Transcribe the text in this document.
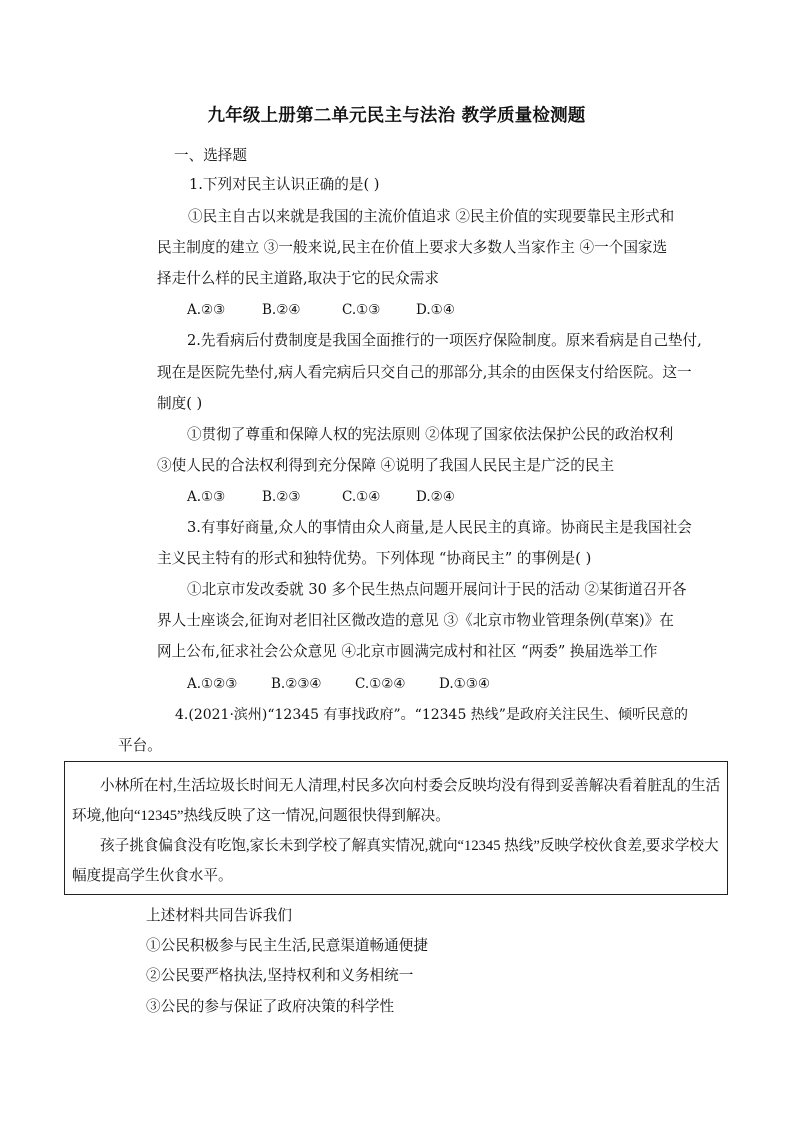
九年级上册第二单元民主与法治 教学质量检测题
一、选择题
1.下列对民主认识正确的是( )
①民主自古以来就是我国的主流价值追求 ②民主价值的实现要靠民主形式和
民主制度的建立 ③一般来说,民主在价值上要求大多数人当家作主 ④一个国家选
择走什么样的民主道路,取决于它的民众需求
A.②③	B.②④	C.①③	D.①④
2.先看病后付费制度是我国全面推行的一项医疗保险制度。原来看病是自己垫付,
现在是医院先垫付,病人看完病后只交自己的那部分,其余的由医保支付给医院。这一
制度( )
①贯彻了尊重和保障人权的宪法原则 ②体现了国家依法保护公民的政治权利
③使人民的合法权利得到充分保障 ④说明了我国人民民主是广泛的民主
A.①③	B.②③	C.①④	D.②④
3.有事好商量,众人的事情由众人商量,是人民民主的真谛。协商民主是我国社会
主义民主特有的形式和独特优势。下列体现 “协商民主” 的事例是( )
①北京市发改委就 30 多个民生热点问题开展问计于民的活动 ②某街道召开各
界人士座谈会,征询对老旧社区微改造的意见 ③《北京市物业管理条例(草案)》在
网上公布,征求社会公众意见 ④北京市圆满完成村和社区 “两委” 换届选举工作
A.①②③ B.②③④ C.①②④ D.①③④
4.(2021·滨州)“12345 有事找政府”。“12345 热线”是政府关注民生、倾听民意的
平台。
小林所在村,生活垃圾长时间无人清理,村民多次向村委会反映均没有得到妥善解决看着脏乱的生活
环境,他向“12345”热线反映了这一情况,问题很快得到解决。
孩子挑食偏食没有吃饱,家长未到学校了解真实情况,就向“12345 热线”反映学校伙食差,要求学校大
幅度提高学生伙食水平。
上述材料共同告诉我们
①公民积极参与民主生活,民意渠道畅通便捷
②公民要严格执法,坚持权利和义务相统一
③公民的参与保证了政府决策的科学性
